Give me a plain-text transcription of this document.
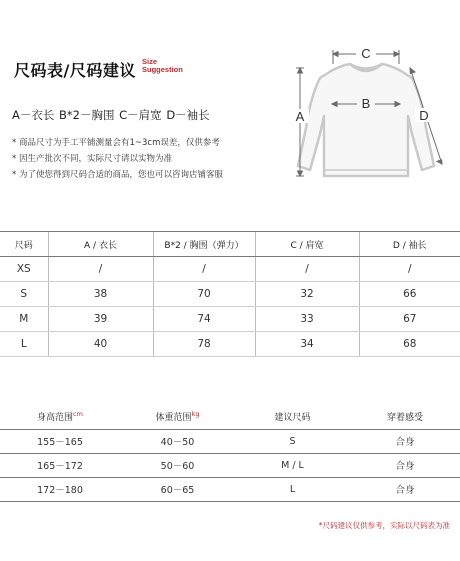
尺码表/尺码建议 Size
Suggestion
A－衣长 B*2－胸围 C－肩宽 D－袖长
* 商品尺寸为手工平铺测量会有1~3cm误差，仅供参考
* 因生产批次不同，实际尺寸请以实物为准
* 为了使您得到尺码合适的商品，您也可以咨询店铺客服
C
B
A	D
尺码	A / 衣长	B*2 / 胸围（弹力）	C / 肩宽	D / 袖长
XS	/	/	/	/
S	38	70	32	66
M	39	74	33	67
L	40	78	34	68
身高范围$^{cm}$	体重范围$^{kg}$	建议尺码	穿着感受
155－165	40－50	S	合身
165－172	50－60	M / L	合身
172－180	60－65	L	合身
*尺码建议仅供参考，实际以尺码表为准
